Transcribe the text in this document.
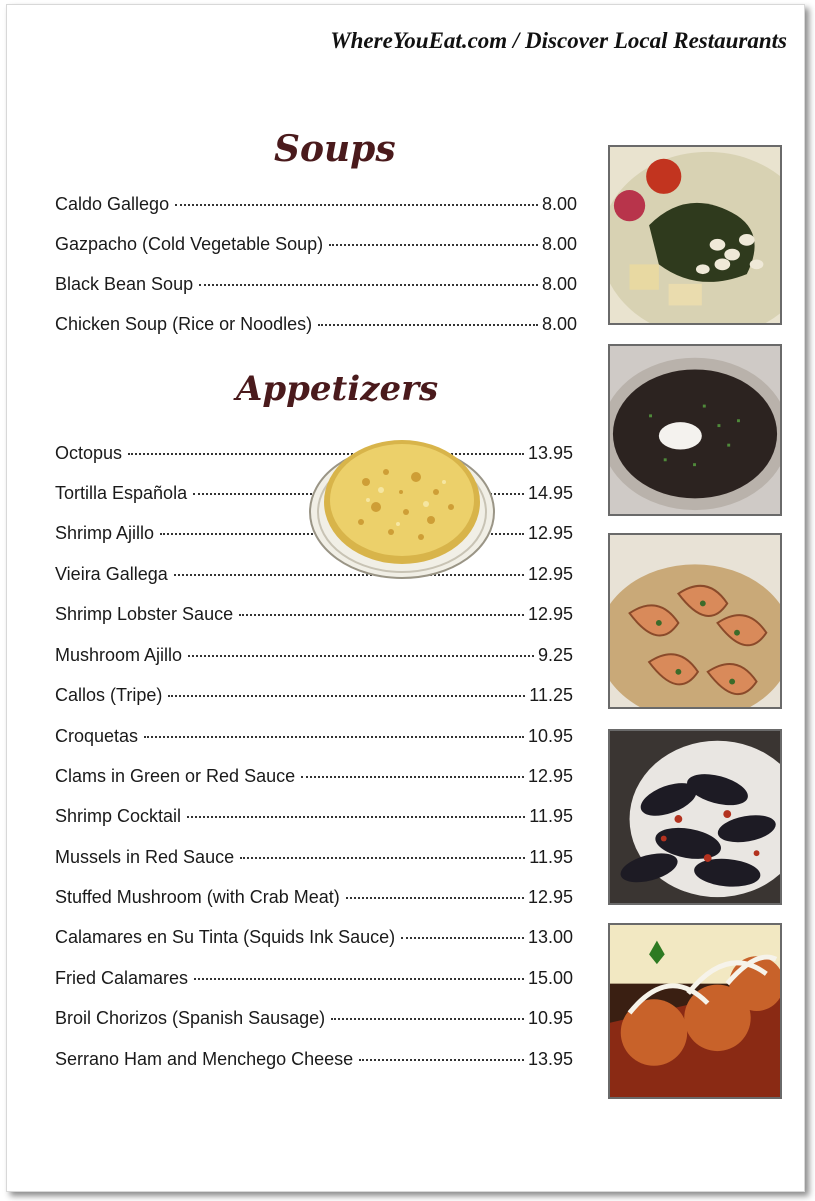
WhereYouEat.com / Discover Local Restaurants
Soups
Caldo Gallego	8.00
Gazpacho (Cold Vegetable Soup)	8.00
Black Bean Soup	8.00
Chicken Soup (Rice or Noodles)	8.00
Appetizers
Octopus	13.95
Tortilla Española	14.95
Shrimp Ajillo	12.95
Vieira Gallega	12.95
Shrimp Lobster Sauce	12.95
Mushroom Ajillo	9.25
Callos (Tripe)	11.25
Croquetas	10.95
Clams in Green or Red Sauce	12.95
Shrimp Cocktail	11.95
Mussels in Red Sauce	11.95
Stuffed Mushroom (with Crab Meat)	12.95
Calamares en Su Tinta (Squids Ink Sauce)	13.00
Fried Calamares	15.00
Broil Chorizos (Spanish Sausage)	10.95
Serrano Ham and Menchego Cheese	13.95
